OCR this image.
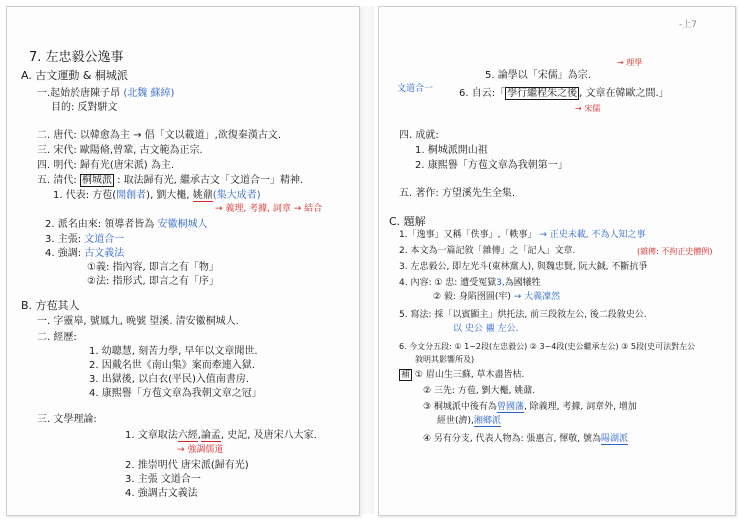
7. 左忠毅公逸事
A. 古文運動 & 桐城派
一.起始於唐陳子昂 (北魏 蘇綽)
目的: 反對駢文
二. 唐代: 以韓愈為主 → 倡「文以載道」,欲復秦漢古文.
三. 宋代: 歐陽脩,曾鞏, 古文範為正宗.
四. 明代: 歸有光(唐宋派) 為主.
五. 清代: 桐城派 : 取法歸有光, 繼承古文「文道合一」精神.
1. 代表: 方苞(開創者), 劉大櫆, 姚鼐(集大成者)
→ 義理, 考據, 詞章 → 結合
2. 派名由來: 領導者皆為 安徽桐城人
3. 主張: 文道合一
4. 強調: 古文義法
①義: 指內容, 即言之有「物」
②法: 指形式, 即言之有「序」
B. 方苞其人
一. 字靈皋, 號鳳九, 晚號 望溪. 清安徽桐城人.
二. 經歷:
1. 幼聰慧, 刻苦力學, 早年以文章聞世.
2. 因戴名世《南山集》案而牽連入獄.
3. 出獄後, 以白衣(平民)入值南書房.
4. 康熙譽「方苞文章為我朝文章之冠」
三. 文學理論:
1. 文章取法六經,論孟, 史記, 及唐宋八大家.
→ 強調儒道
2. 推崇明代 唐宋派(歸有光)
3. 主張 文道合一
4. 強調古文義法
-上7
5. 論學以「宋儒」為宗.
→ 理學
文道合一	6. 自云:「 學行繼程朱之後 , 文章在韓歐之間.」
→ 宋儒
四. 成就:
1. 桐城派開山祖
2. 康熙譽「方苞文章為我朝第一」
五. 著作: 方望溪先生全集.
C. 題解
1.「逸事」又稱「佚事」,「軼事」 → 正史未載, 不為人知之事
2. 本文為一篇記敘「雜傳」之「記人」文章.	(雜傳: 不拘正史體例)
3. 左忠毅公, 即左光斗(東林黨人), 與魏忠賢, 阮大鋮, 不斷抗爭
4. 內容: ① 忠: 遭受冤獄3,為國犧牲
② 毅: 身陷囹圄(牢) → 大義凜然
5. 寫法: 採「以賓顯主」烘托法, 前三段敘左公, 後二段敘史公.
以 史公 襯 左公.
6. 今文分五段: ① 1~2段(左忠毅公) ② 3~4段(史公繼承左公) ③ 5段(史可法對左公
敘明其影響所及)
補 ① 眉山生三蘇, 草木盡皆枯.
② 三先: 方苞, 劉大櫆, 姚鼐.
③ 桐城派中後有為曾國藩, 除義理, 考據, 詞章外, 增加
經世(濟),湘鄉派
④ 另有分支, 代表人物為: 張惠言, 惲敬, 號為陽湖派
